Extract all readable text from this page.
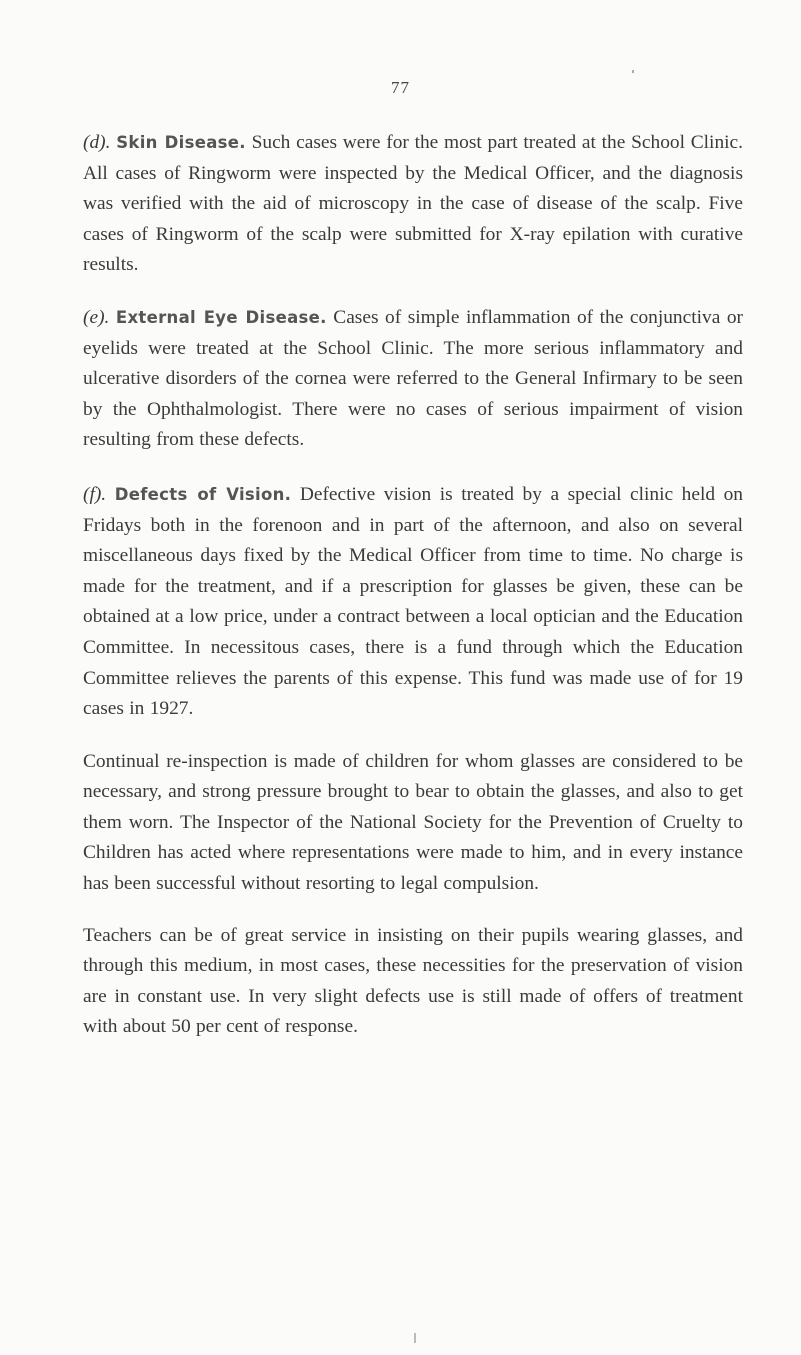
77

(d). Skin Disease. Such cases were for the most part treated at the School Clinic. All cases of Ringworm were inspected by the Medical Officer, and the diagnosis was verified with the aid of microscopy in the case of disease of the scalp. Five cases of Ringworm of the scalp were submitted for X-ray epilation with curative results.

(e). External Eye Disease. Cases of simple inflammation of the conjunctiva or eyelids were treated at the School Clinic. The more serious inflammatory and ulcerative disorders of the cornea were referred to the General Infirmary to be seen by the Ophthalmologist. There were no cases of serious impairment of vision resulting from these defects.

(f). Defects of Vision. Defective vision is treated by a special clinic held on Fridays both in the forenoon and in part of the afternoon, and also on several miscellaneous days fixed by the Medical Officer from time to time. No charge is made for the treatment, and if a prescription for glasses be given, these can be obtained at a low price, under a contract between a local optician and the Education Committee. In necessitous cases, there is a fund through which the Education Committee relieves the parents of this expense. This fund was made use of for 19 cases in 1927.

Continual re-inspection is made of children for whom glasses are considered to be necessary, and strong pressure brought to bear to obtain the glasses, and also to get them worn. The Inspector of the National Society for the Prevention of Cruelty to Children has acted where representations were made to him, and in every instance has been successful without resorting to legal compulsion.

Teachers can be of great service in insisting on their pupils wearing glasses, and through this medium, in most cases, these necessities for the preservation of vision are in constant use. In very slight defects use is still made of offers of treatment with about 50 per cent of response.
